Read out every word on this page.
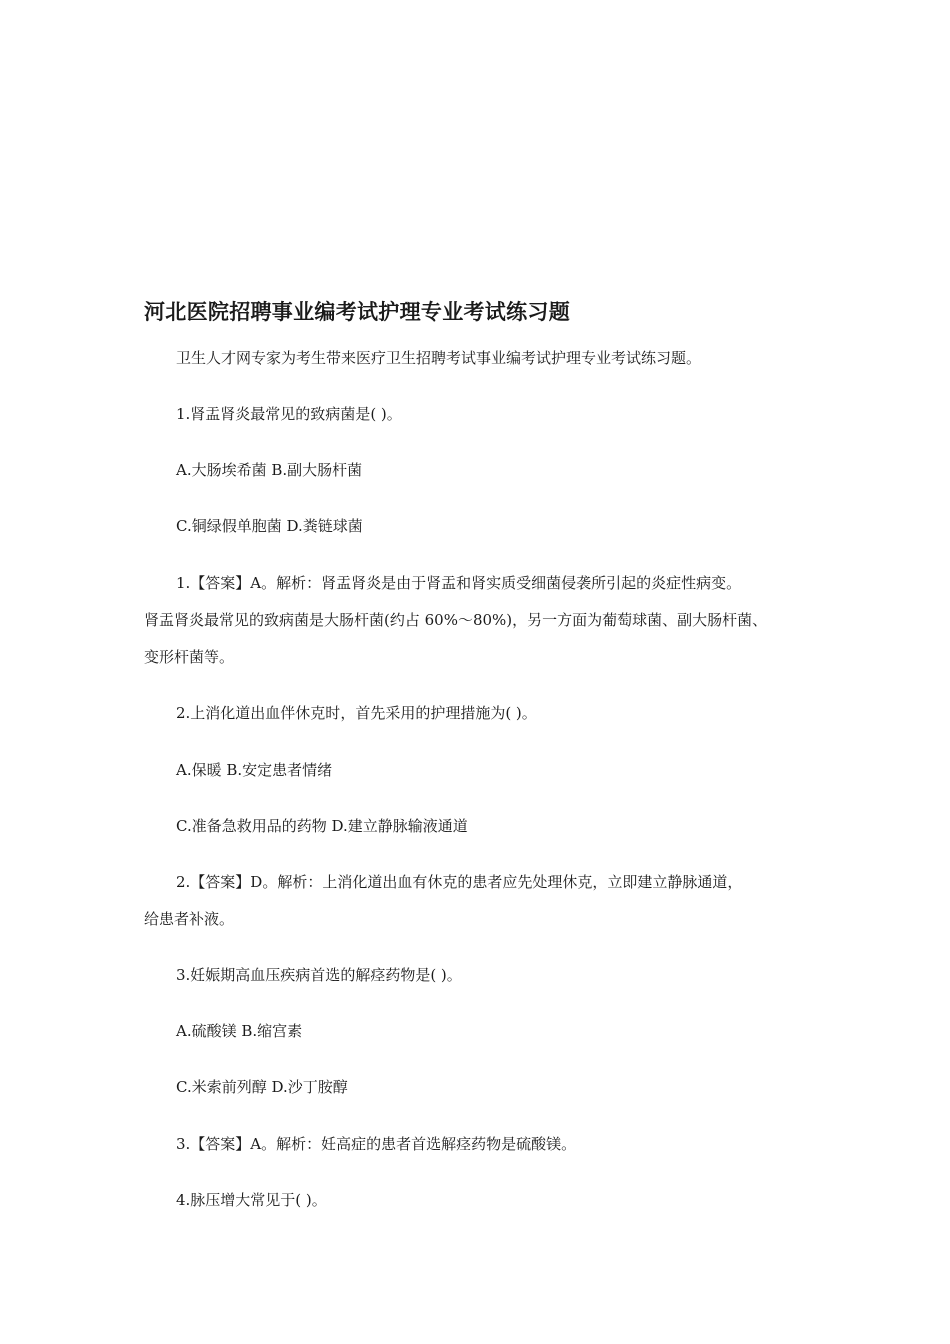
河北医院招聘事业编考试护理专业考试练习题

卫生人才网专家为考生带来医疗卫生招聘考试事业编考试护理专业考试练习题。

1.肾盂肾炎最常见的致病菌是( )。

A.大肠埃希菌 B.副大肠杆菌

C.铜绿假单胞菌 D.粪链球菌

1.【答案】A。解析：肾盂肾炎是由于肾盂和肾实质受细菌侵袭所引起的炎症性病变。

肾盂肾炎最常见的致病菌是大肠杆菌(约占 60%～80%)，另一方面为葡萄球菌、副大肠杆菌、

变形杆菌等。

2.上消化道出血伴休克时，首先采用的护理措施为( )。

A.保暖 B.安定患者情绪

C.准备急救用品的药物 D.建立静脉输液通道

2.【答案】D。解析：上消化道出血有休克的患者应先处理休克，立即建立静脉通道，

给患者补液。

3.妊娠期高血压疾病首选的解痉药物是( )。

A.硫酸镁 B.缩宫素

C.米索前列醇 D.沙丁胺醇

3.【答案】A。解析：妊高症的患者首选解痉药物是硫酸镁。

4.脉压增大常见于( )。
